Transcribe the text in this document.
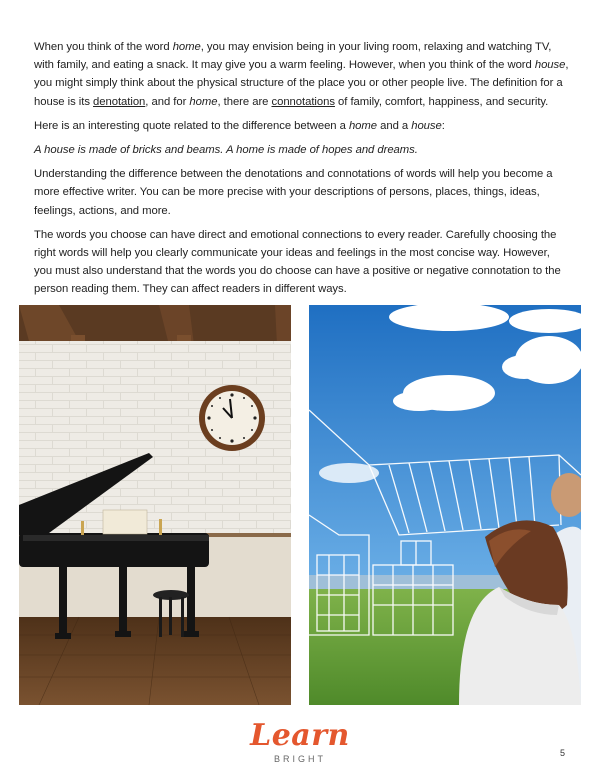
When you think of the word home, you may envision being in your living room, relaxing and watching TV, with family, and eating a snack. It may give you a warm feeling. However, when you think of the word house, you might simply think about the physical structure of the place you or other people live. The definition for a house is its denotation, and for home, there are connotations of family, comfort, happiness, and security.

Here is an interesting quote related to the difference between a home and a house:

A house is made of bricks and beams. A home is made of hopes and dreams.

Understanding the difference between the denotations and connotations of words will help you become a more effective writer. You can be more precise with your descriptions of persons, places, things, ideas, feelings, actions, and more.

The words you choose can have direct and emotional connections to every reader. Carefully choosing the right words will help you clearly communicate your ideas and feelings in the most concise way. However, you must also understand that the words you do choose can have a positive or negative connotation to the person reading them. They can affect readers in different ways.

Learn
BRIGHT
5
